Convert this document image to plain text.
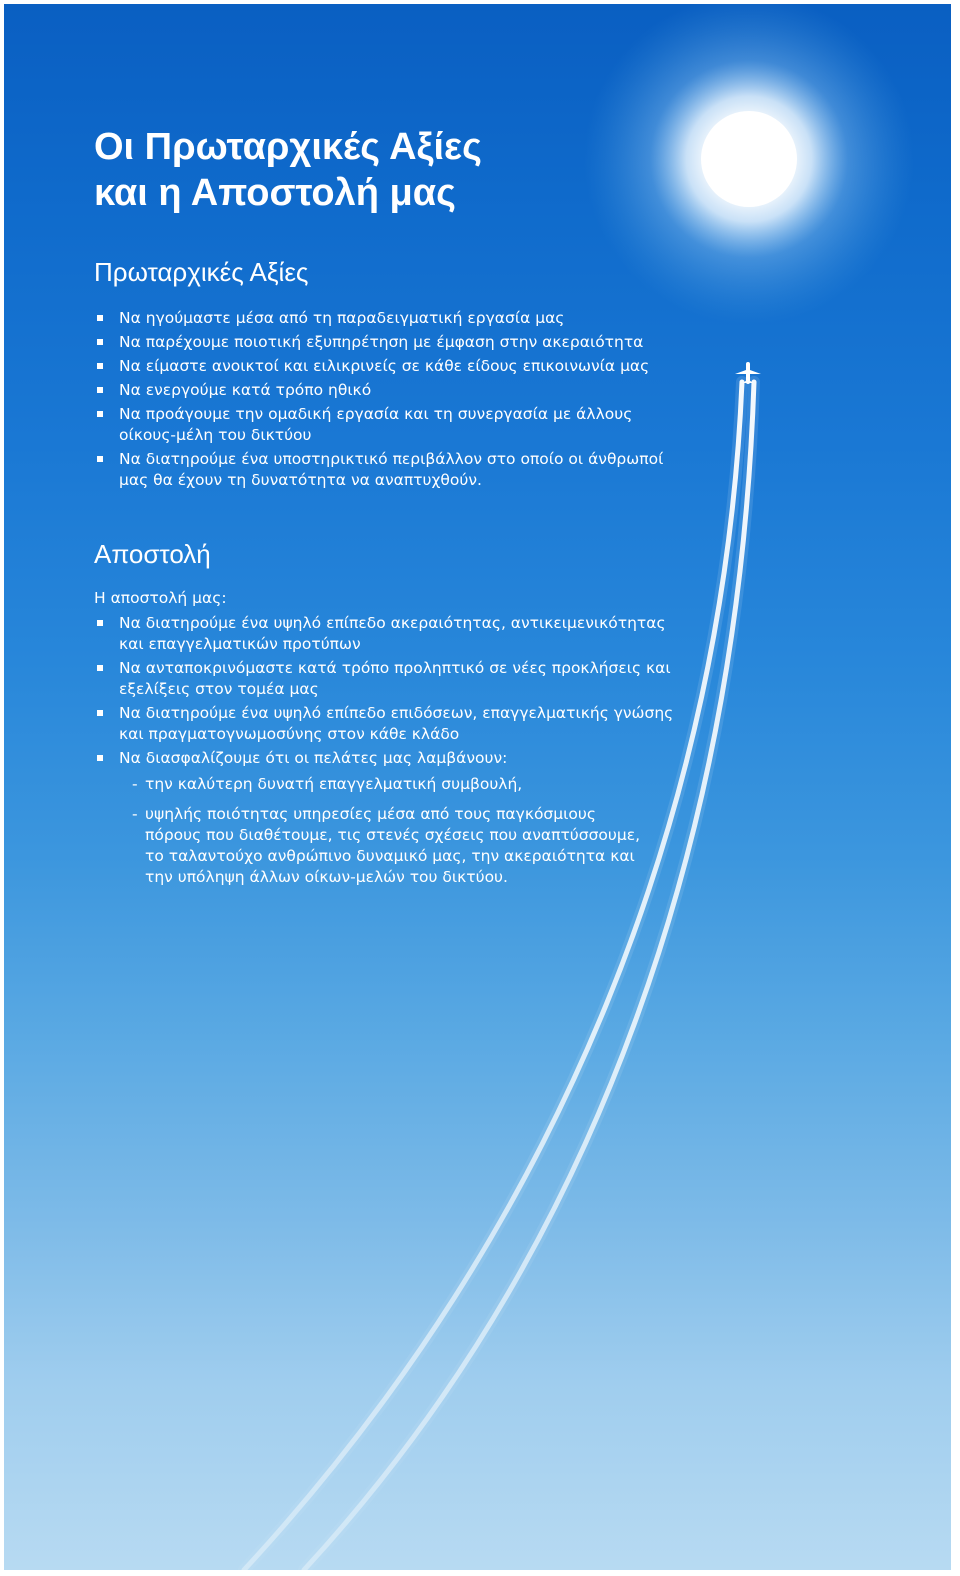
Οι Πρωταρχικές Αξίες
και η Αποστολή μας
Πρωταρχικές Αξίες
Να ηγούμαστε μέσα από τη παραδειγματική εργασία μας
Να παρέχουμε ποιοτική εξυπηρέτηση με έμφαση στην ακεραιότητα
Να είμαστε ανοικτοί και ειλικρινείς σε κάθε είδους επικοινωνία μας
Να ενεργούμε κατά τρόπο ηθικό
Να προάγουμε την ομαδική εργασία και τη συνεργασία με άλλους οίκους-μέλη του δικτύου
Να διατηρούμε ένα υποστηρικτικό περιβάλλον στο οποίο οι άνθρωποί μας θα έχουν τη δυνατότητα να αναπτυχθούν.
Αποστολή
Η αποστολή μας:
Να διατηρούμε ένα υψηλό επίπεδο ακεραιότητας, αντικειμενικότητας και επαγγελματικών προτύπων
Να ανταποκρινόμαστε κατά τρόπο προληπτικό σε νέες προκλήσεις και εξελίξεις στον τομέα μας
Να διατηρούμε ένα υψηλό επίπεδο επιδόσεων, επαγγελματικής γνώσης και πραγματογνωμοσύνης στον κάθε κλάδο
Να διασφαλίζουμε ότι οι πελάτες μας λαμβάνουν:
- την καλύτερη δυνατή επαγγελματική συμβουλή,
- υψηλής ποιότητας υπηρεσίες μέσα από τους παγκόσμιους πόρους που διαθέτουμε, τις στενές σχέσεις που αναπτύσσουμε, το ταλαντούχο ανθρώπινο δυναμικό μας, την ακεραιότητα και την υπόληψη άλλων οίκων-μελών του δικτύου.
